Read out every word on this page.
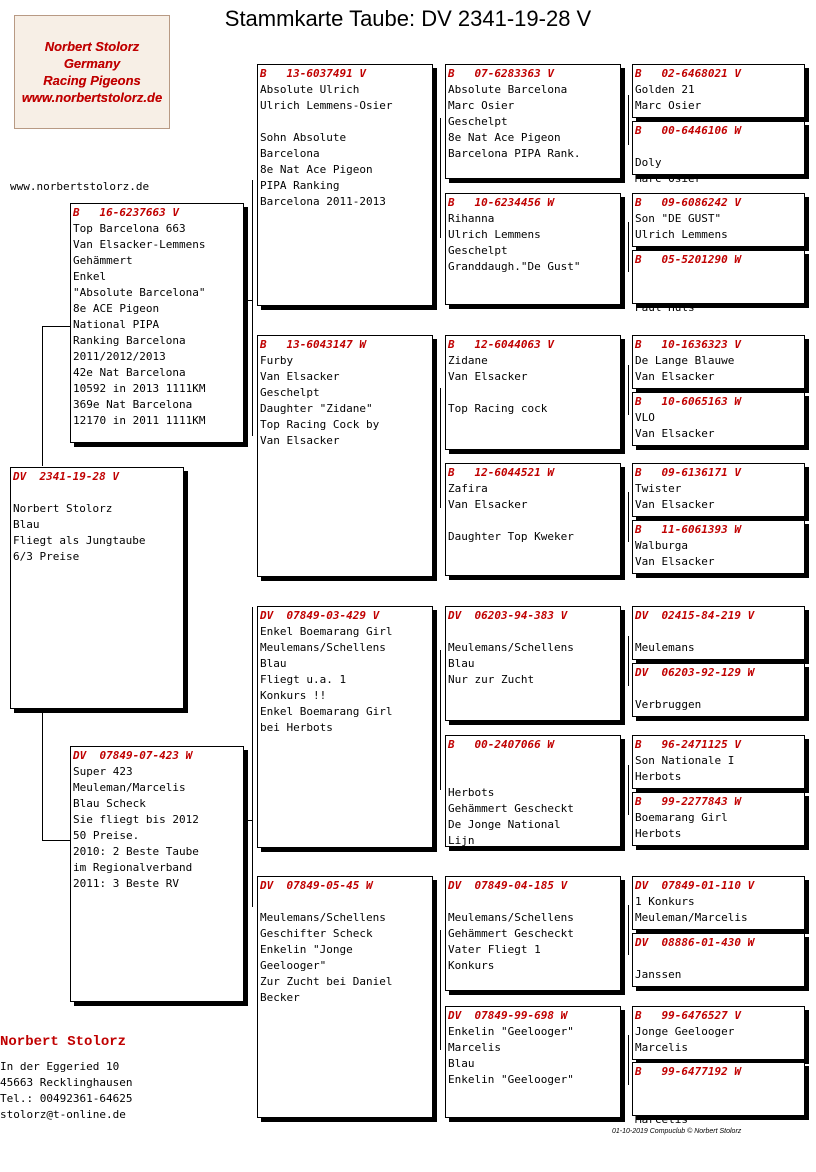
Stammkarte Taube: DV 2341-19-28 V
Norbert Stolorz
Germany
Racing Pigeons
www.norbertstolorz.de
www.norbertstolorz.de
DV  2341-19-28 V
Norbert Stolorz
Blau
Fliegt als Jungtaube
6/3 Preise
B   16-6237663 V
Top Barcelona 663
Van Elsacker-Lemmens
Gehämmert
Enkel
"Absolute Barcelona"
8e ACE Pigeon
National PIPA
Ranking Barcelona
2011/2012/2013
42e Nat Barcelona
10592 in 2013 1111KM
369e Nat Barcelona
12170 in 2011 1111KM
DV  07849-07-423 W
Super 423
Meuleman/Marcelis
Blau Scheck
Sie fliegt bis 2012
50 Preise.
2010: 2 Beste Taube
im Regionalverband
2011: 3 Beste RV
B   13-6037491 V
Absolute Ulrich
Ulrich Lemmens-Osier
Sohn Absolute
Barcelona
8e Nat Ace Pigeon
PIPA Ranking
Barcelona 2011-2013
B   13-6043147 W
Furby
Van Elsacker
Geschelpt
Daughter "Zidane"
Top Racing Cock by
Van Elsacker
DV  07849-03-429 V
Enkel Boemarang Girl
Meulemans/Schellens
Blau
Fliegt u.a. 1
Konkurs !!
Enkel Boemarang Girl
bei Herbots
DV  07849-05-45 W
Meulemans/Schellens
Geschifter Scheck
Enkelin "Jonge
Geelooger"
Zur Zucht bei Daniel
Becker
B   07-6283363 V
Absolute Barcelona
Marc Osier
Geschelpt
8e Nat Ace Pigeon
Barcelona PIPA Rank.
B   10-6234456 W
Rihanna
Ulrich Lemmens
Geschelpt
Granddaugh."De Gust"
B   12-6044063 V
Zidane
Van Elsacker
Top Racing cock
B   12-6044521 W
Zafira
Van Elsacker
Daughter Top Kweker
DV  06203-94-383 V
Meulemans/Schellens
Blau
Nur zur Zucht
B   00-2407066 W
Herbots
Gehämmert Gescheckt
De Jonge National
Lijn
DV  07849-04-185 V
Meulemans/Schellens
Gehämmert Gescheckt
Vater Fliegt 1
Konkurs
DV  07849-99-698 W
Enkelin "Geelooger"
Marcelis
Blau
Enkelin "Geelooger"
B   02-6468021 V
Golden 21
Marc Osier
B   00-6446106 W
Doly
Marc Osier
B   09-6086242 V
Son "DE GUST"
Ulrich Lemmens
B   05-5201290 W
Paul Huls
B   10-1636323 V
De Lange Blauwe
Van Elsacker
B   10-6065163 W
VLO
Van Elsacker
B   09-6136171 V
Twister
Van Elsacker
B   11-6061393 W
Walburga
Van Elsacker
DV  02415-84-219 V
Meulemans
DV  06203-92-129 W
Verbruggen
B   96-2471125 V
Son Nationale I
Herbots
B   99-2277843 W
Boemarang Girl
Herbots
DV  07849-01-110 V
1 Konkurs
Meuleman/Marcelis
DV  08886-01-430 W
Janssen
B   99-6476527 V
Jonge Geelooger
Marcelis
B   99-6477192 W
Marcelis
Norbert Stolorz
In der Eggeried 10
45663 Recklinghausen
Tel.: 00492361-64625
stolorz@t-online.de
01-10-2019 Compuclub © Norbert Stolorz
